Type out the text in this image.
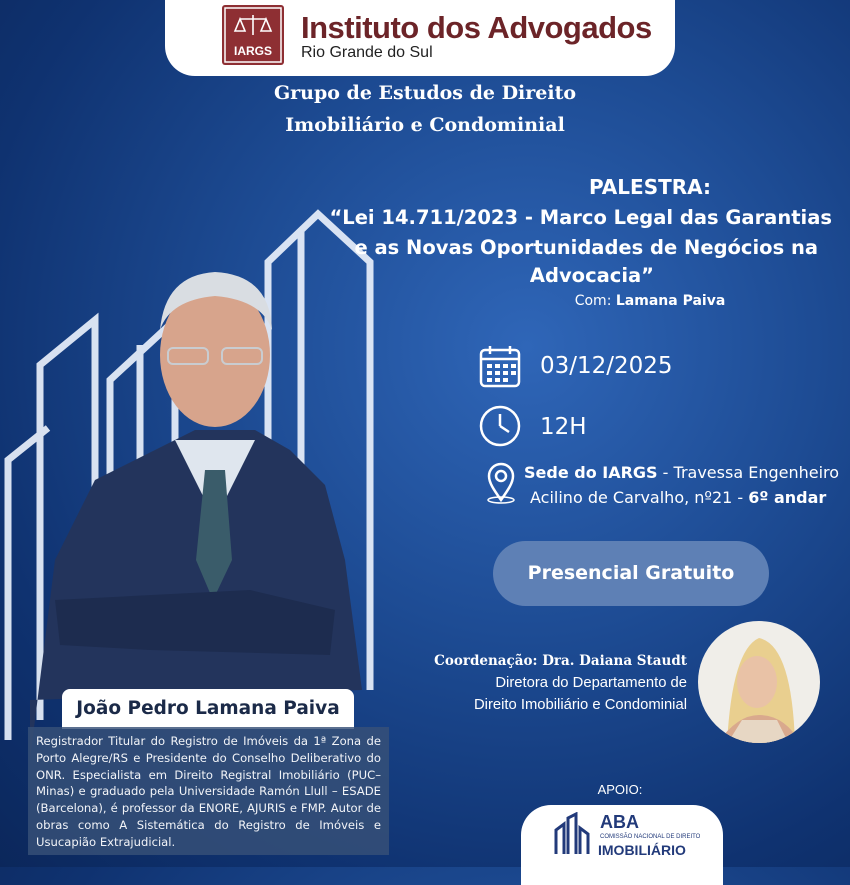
IARGS
Instituto dos Advogados
Rio Grande do Sul
Grupo de Estudos de Direito
Imobiliário e Condominial
PALESTRA:
“Lei 14.711/2023 - Marco Legal das Garantias
e as Novas Oportunidades de Negócios na
Advocacia”
Com: Lamana Paiva
03/12/2025
12H
Sede do IARGS - Travessa Engenheiro
Acilino de Carvalho, nº21 - 6º andar
Presencial Gratuito
João Pedro Lamana Paiva
Registrador Titular do Registro de Imóveis da 1ª Zona de Porto Alegre/RS e Presidente do Conselho Deliberativo do ONR. Especialista em Direito Registral Imobiliário (PUC–Minas) e graduado pela Universidade Ramón Llull – ESADE (Barcelona), é professor da ENORE, AJURIS e FMP. Autor de obras como A Sistemática do Registro de Imóveis e Usucapião Extrajudicial.
Coordenação: Dra. Daiana Staudt
Diretora do Departamento de
Direito Imobiliário e Condominial
APOIO:
ABA
COMISSÃO NACIONAL DE DIREITO
IMOBILIÁRIO
